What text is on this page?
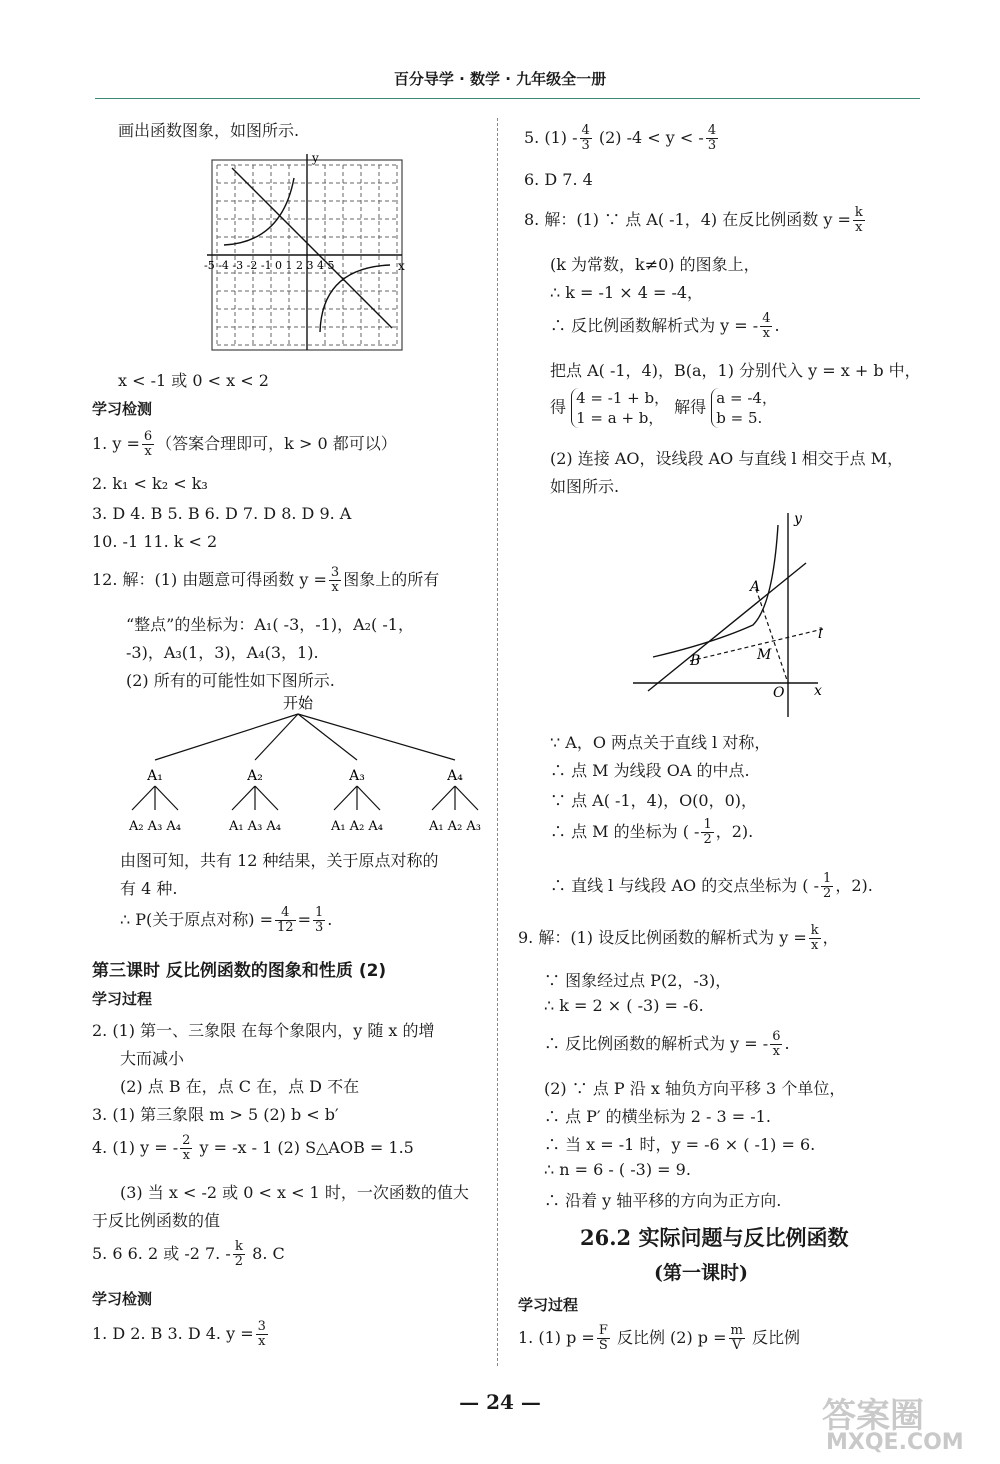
百分导学 · 数学 · 九年级全一册
画出函数图象，如图所示.
x
y
-5 -4 -3 -2 -1 0 1 2 3 4 5
x < -1 或 0 < x < 2
学习检测
1. $y = \frac{6}{x}$ （答案合理即可，k > 0 都可以）
2. k₁ < k₂ < k₃
3. D 4. B 5. B 6. D 7. D 8. D 9. A
10. -1 11. k < 2
12. 解：(1) 由题意可得函数 $y = \frac{3}{x}$ 图象上的所有
“整点”的坐标为：A₁( -3，-1)，A₂( -1，
-3)，A₃(1，3)，A₄(3，1).
(2) 所有的可能性如下图所示.
开始
A₁	A₂	A₃	A₄
A₂ A₃ A₄	A₁ A₃ A₄	A₁ A₂ A₄	A₁ A₂ A₃
由图可知，共有 12 种结果，关于原点对称的
有 4 种.
∴ P(关于原点对称) = $\frac{4}{12} = \frac{1}{3}$ .
第三课时 反比例函数的图象和性质 (2)
学习过程
2. (1) 第一、三象限 在每个象限内，y 随 x 的增
大而减小
(2) 点 B 在，点 C 在，点 D 不在
3. (1) 第三象限 m > 5 (2) b < b′
4. (1) y = - $\frac{2}{x}$ y = -x - 1 (2) S△AOB = 1.5
(3) 当 x < -2 或 0 < x < 1 时，一次函数的值大
于反比例函数的值
5. 6 6. 2 或 -2 7. - $\frac{k}{2} 8$. C
学习检测
1. D 2. B 3. D 4. $y = \frac{3}{x}$
5. $(1) - \frac{4}{3} (2) -4 < y$ < - $\frac{4}{3}$
6. D 7. 4
8. 解：(1) ∵ 点 A( -1，4) 在反比例函数 $y = \frac{k}{x}$
(k 为常数，k≠0) 的图象上，
∴ k = -1 × 4 = -4，
∴ 反比例函数解析式为 y = - $\frac{4}{x}$ .
把点 A( -1，4)，B(a，1) 分别代入 y = x + b 中，
得 4 = -1 + b，
1 = a + b，
解得 a = -4，
b = 5.
(2) 连接 AO，设线段 AO 与直线 l 相交于点 M，
如图所示.
y
x
A
B	M
O
l
∵ A，O 两点关于直线 l 对称，
∴ 点 M 为线段 OA 的中点.
∵ 点 A( -1，4)，O(0，0)，
∴ 点 M 的坐标为 ( - $\frac{1}{2}$ ，2).
∴ 直线 l 与线段 AO 的交点坐标为 ( - $\frac{1}{2}$ ，2).
9. 解：(1) 设反比例函数的解析式为 $y = \frac{k}{x}$ ，
∵ 图象经过点 P(2，-3)，
∴ k = 2 × ( -3) = -6.
∴ 反比例函数的解析式为 y = - $\frac{6}{x}$ .
(2) ∵ 点 P 沿 x 轴负方向平移 3 个单位，
∴ 点 P′ 的横坐标为 2 - 3 = -1.
∴ 当 x = -1 时，y = -6 × ( -1) = 6.
∴ n = 6 - ( -3) = 9.
∴ 沿着 y 轴平移的方向为正方向.
26.2 实际问题与反比例函数
(第一课时)
学习过程
1. (1) $p = \frac{F}{S}$ 反比例 (2) $p = \frac{m}{V}$ 反比例
— 24 —	答案圈
MXQE.COM
